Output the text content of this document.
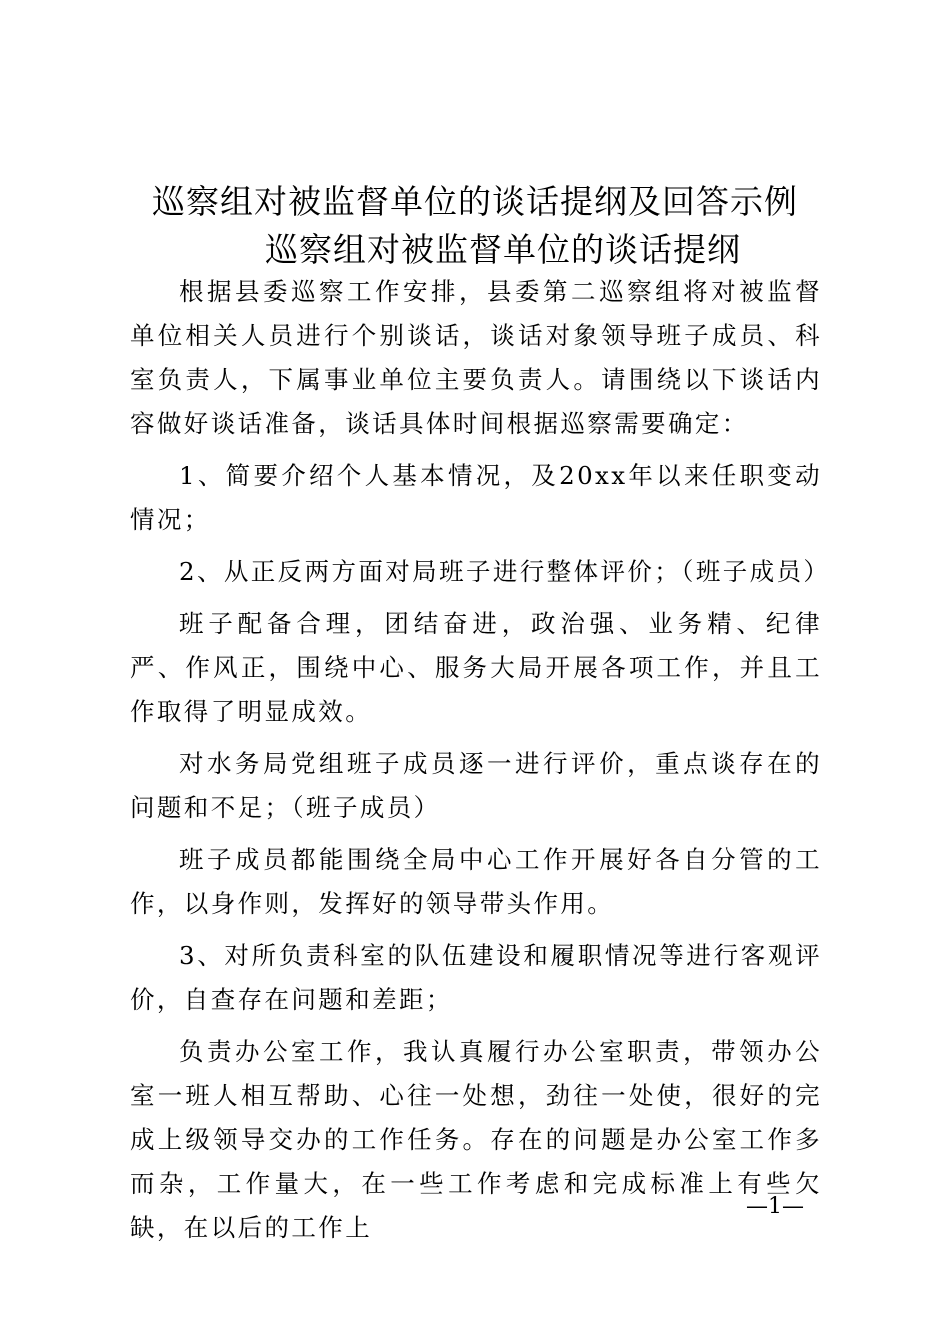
巡察组对被监督单位的谈话提纲及回答示例
巡察组对被监督单位的谈话提纲

根据县委巡察工作安排，县委第二巡察组将对被监督单位相关人员进行个别谈话，谈话对象领导班子成员、科室负责人，下属事业单位主要负责人。请围绕以下谈话内容做好谈话准备，谈话具体时间根据巡察需要确定：

1、简要介绍个人基本情况，及20xx年以来任职变动情况；

2、从正反两方面对局班子进行整体评价；（班子成员）

班子配备合理，团结奋进，政治强、业务精、纪律严、作风正，围绕中心、服务大局开展各项工作，并且工作取得了明显成效。

对水务局党组班子成员逐一进行评价，重点谈存在的问题和不足；（班子成员）

班子成员都能围绕全局中心工作开展好各自分管的工作，以身作则，发挥好的领导带头作用。

3、对所负责科室的队伍建设和履职情况等进行客观评价，自查存在问题和差距；

负责办公室工作，我认真履行办公室职责，带领办公室一班人相互帮助、心往一处想，劲往一处使，很好的完成上级领导交办的工作任务。存在的问题是办公室工作多而杂，工作量大，在一些工作考虑和完成标准上有些欠缺，在以后的工作上

—1—
